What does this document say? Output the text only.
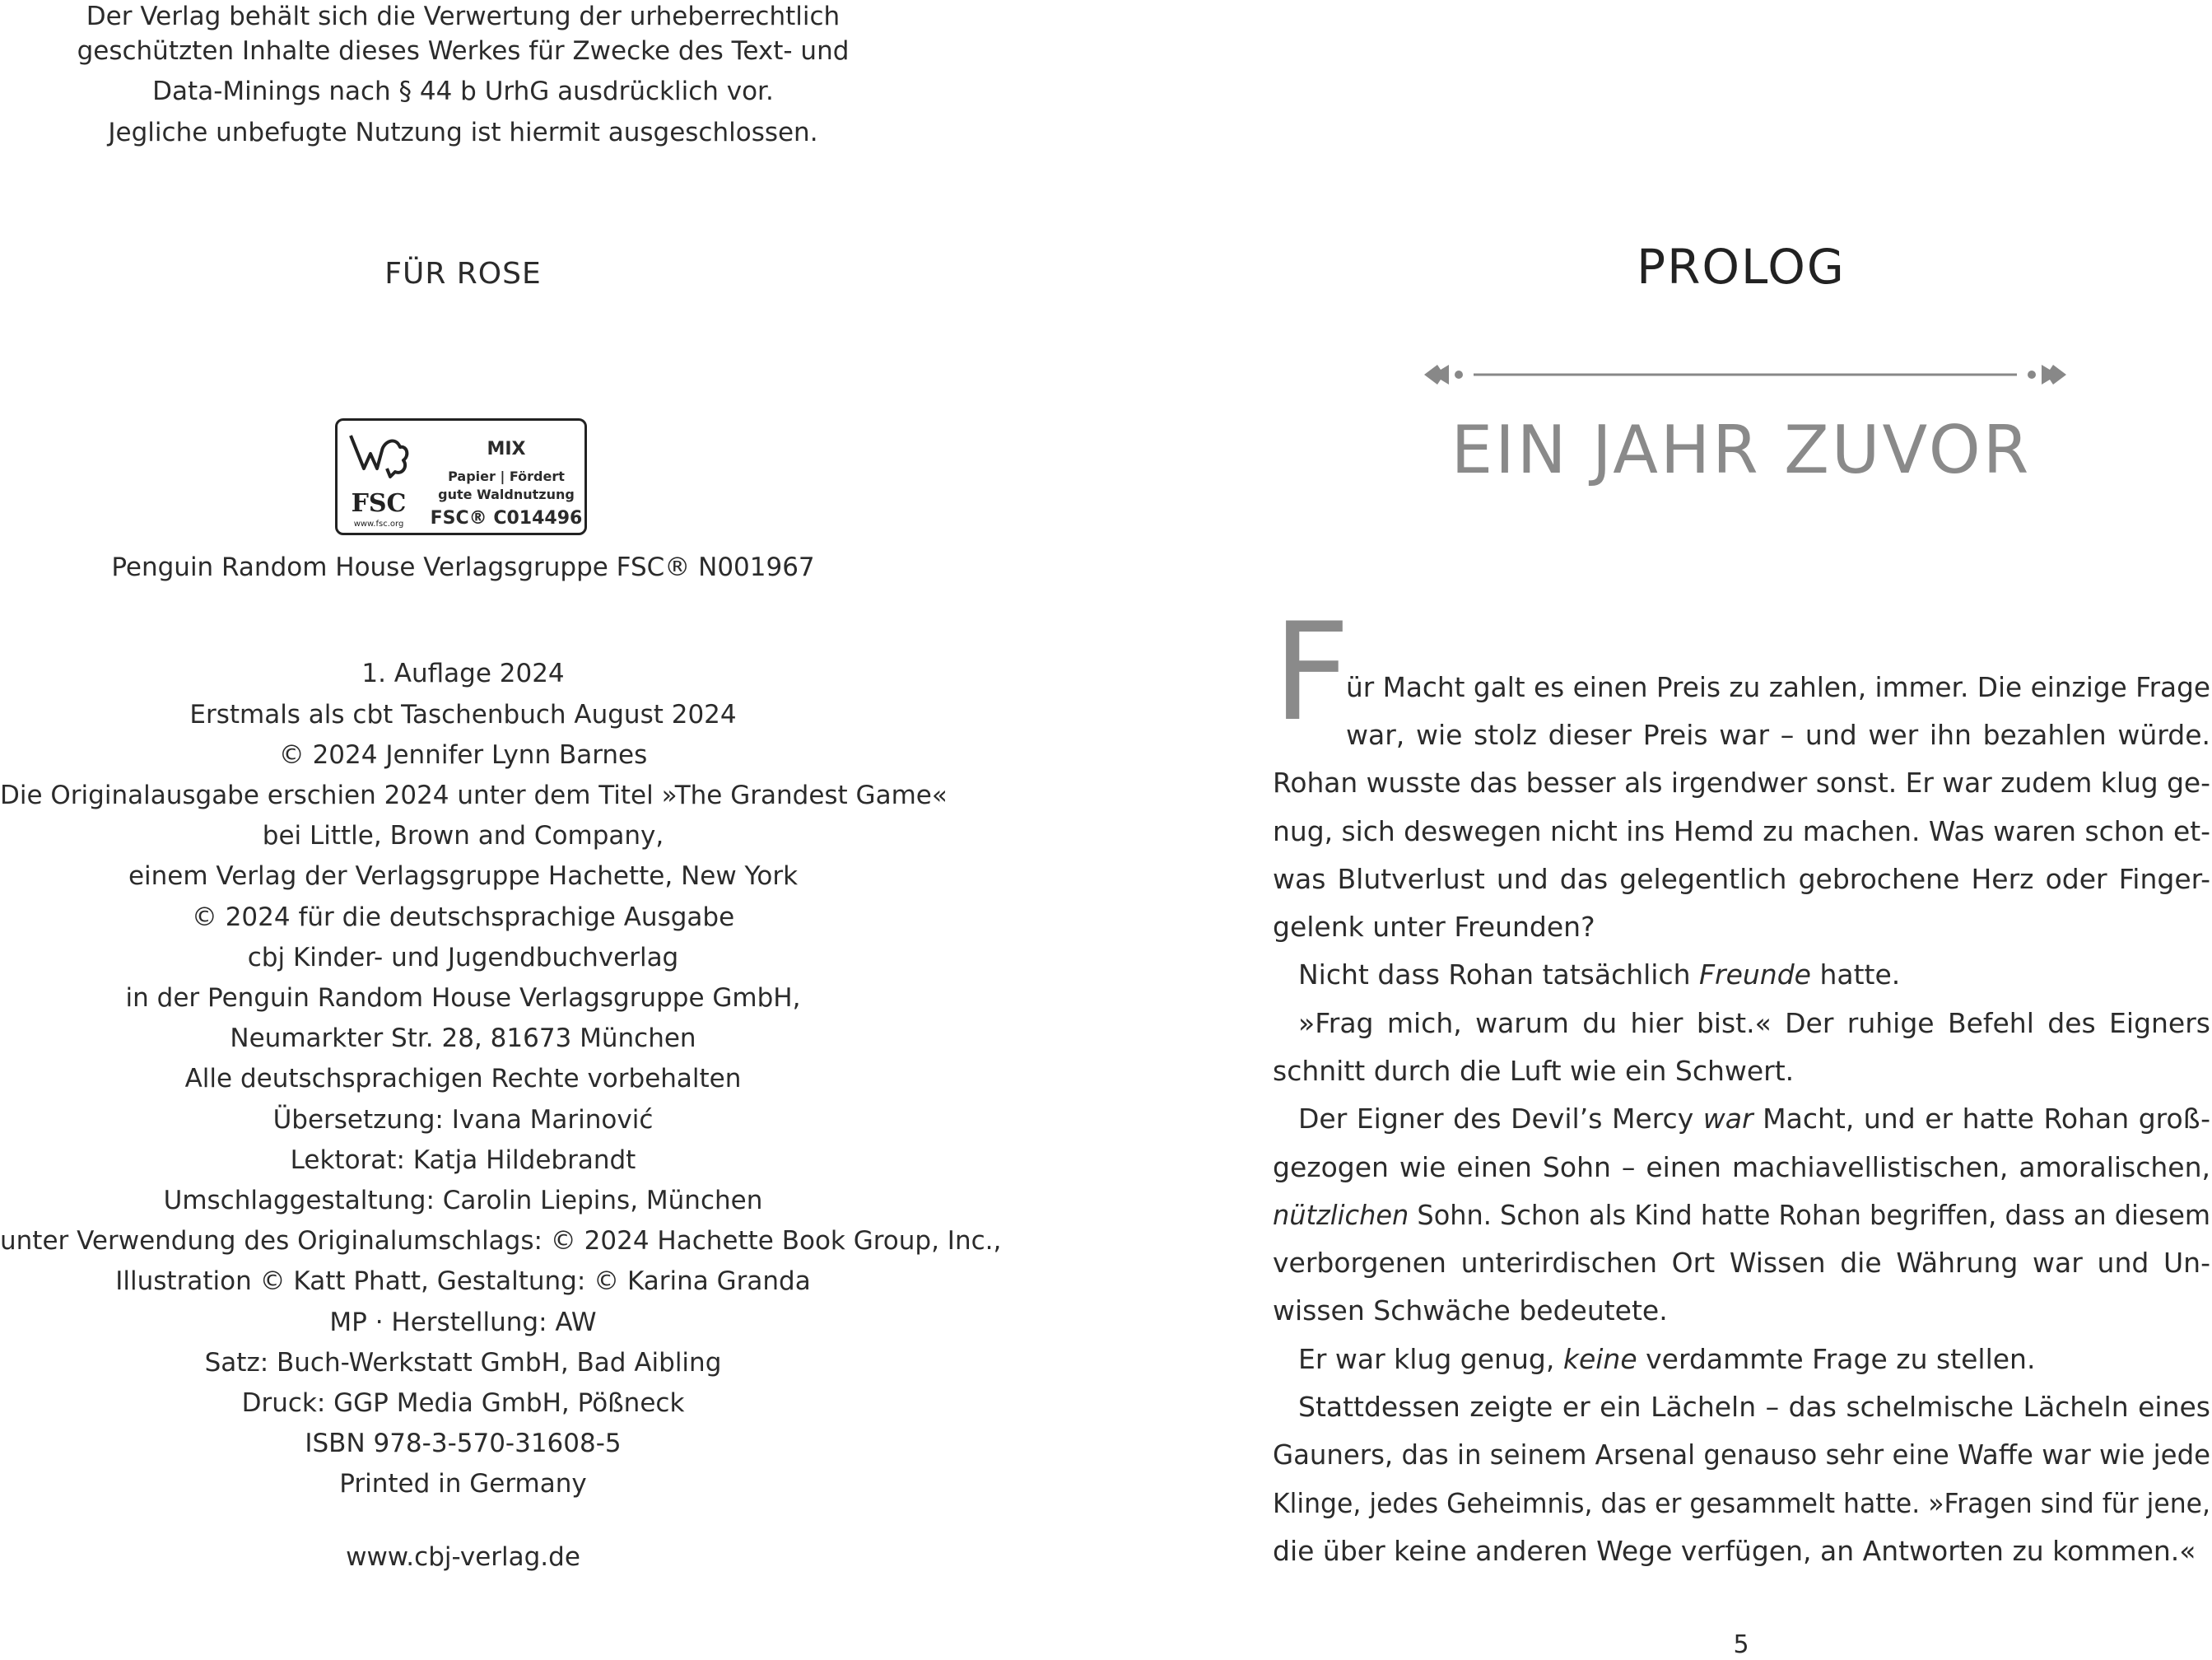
Der Verlag behält sich die Verwertung der urheberrechtlich
geschützten Inhalte dieses Werkes für Zwecke des Text- und
Data-Minings nach § 44 b UrhG ausdrücklich vor.
Jegliche unbefugte Nutzung ist hiermit ausgeschlossen.
FÜR ROSE
FSC
www.fsc.org
MIX
Papier | Fördert
gute Waldnutzung
FSC® C014496
Penguin Random House Verlagsgruppe FSC® N001967
1. Auflage 2024
Erstmals als cbt Taschenbuch August 2024
© 2024 Jennifer Lynn Barnes
Die Originalausgabe erschien 2024 unter dem Titel »The Grandest Game«
bei Little, Brown and Company,
einem Verlag der Verlagsgruppe Hachette, New York
© 2024 für die deutschsprachige Ausgabe
cbj Kinder- und Jugendbuchverlag
in der Penguin Random House Verlagsgruppe GmbH,
Neumarkter Str. 28, 81673 München
Alle deutschsprachigen Rechte vorbehalten
Übersetzung: Ivana Marinović
Lektorat: Katja Hildebrandt
Umschlaggestaltung: Carolin Liepins, München
unter Verwendung des Originalumschlags: © 2024 Hachette Book Group, Inc.,
Illustration © Katt Phatt, Gestaltung: © Karina Granda
MP · Herstellung: AW
Satz: Buch-Werkstatt GmbH, Bad Aibling
Druck: GGP Media GmbH, Pößneck
ISBN 978-3-570-31608-5
Printed in Germany
www.cbj-verlag.de
PROLOG
EIN JAHR ZUVOR
F
ür Macht galt es einen Preis zu zahlen, immer. Die einzige Frage
war, wie stolz dieser Preis war – und wer ihn bezahlen würde.
Rohan wusste das besser als irgendwer sonst. Er war zudem klug ge-
nug, sich deswegen nicht ins Hemd zu machen. Was waren schon et-
was Blutverlust und das gelegentlich gebrochene Herz oder Finger-
gelenk unter Freunden?
Nicht dass Rohan tatsächlich Freunde hatte.
»Frag mich, warum du hier bist.« Der ruhige Befehl des Eigners
schnitt durch die Luft wie ein Schwert.
Der Eigner des Devil’s Mercy war Macht, und er hatte Rohan groß-
gezogen wie einen Sohn – einen machiavellistischen, amoralischen,
nützlichen Sohn. Schon als Kind hatte Rohan begriffen, dass an diesem
verborgenen unterirdischen Ort Wissen die Währung war und Un-
wissen Schwäche bedeutete.
Er war klug genug, keine verdammte Frage zu stellen.
Stattdessen zeigte er ein Lächeln – das schelmische Lächeln eines
Gauners, das in seinem Arsenal genauso sehr eine Waffe war wie jede
Klinge, jedes Geheimnis, das er gesammelt hatte. »Fragen sind für jene,
die über keine anderen Wege verfügen, an Antworten zu kommen.«
5
